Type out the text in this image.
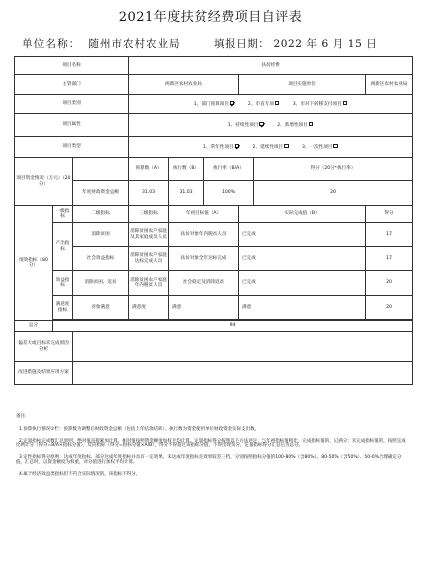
2021年度扶贫经费项目自评表
单位名称： 随州市农村农业局	填报日期： 2022 年 6 月 15 日
项目名称			扶贫经费					
主管部门			两新区农村农业局			项目实施单位		两新区农村农业局
项目类别			1、部门预算项目 2、市直专项 3、市对下转移支付项目					
项目属性			1、持续性项目 2、新增性项目					
项目类型			1、常年性项目 2、延续性项目 3、一次性项目					
项目资金情况（万元）（20分）			预算数（A）	执行数（B）	执行率（B/A）		得分（20分*执行率）	
		年度财政资金总额	31.03	31.03	100%		20	
绩效指标（80分）	一级指标	二级指标	三级指标	年初目标值（A）		实际完成值（B）		得分
	产出指标	消除贫困	消除贫困农户家庭及其家庭成员人员	扶贫对象年内脱贫人员		已完成		17
		社会效益指标	消除贫困农户家庭达标完成人员	扶贫对象全年达标完成		已完成		17
	效益指标	消除贫困、返贫	消除贫困农户家庭年内脱贫人员	社会稳定及消除返贫		已完成		20
	满意度指标	对象满意	满意度	满意		满意		20

总分	94							
偏差大或目标未完成原因分析								
改进措施及结果应用方案								
备注:

1.预算执行情况①栏：预算数为调整后财政资金总额（包括上年结余结转），执行数为资金使用单位财政资金实际支出数。

2.定量指标完成数汇总原则：绝对值直接累加计算，相对值按照资金额度加权平均计算。定量指标得分按照以下方法评定：与年初指标值相比，完成指标值的，记满分；未完成指标值的，按照完成比例计分（得分=B/A×指标分值），反向指标（得分=指标分值×A/B），得分不得超过该指标分值，不得出现负分，定量指标得分汇总后为总分。

3.定性指标得分原则：达成年度指标、部分达成年度指标并具有一定效果、未达成年度指标且效果较差三档，分别按照指标分值的100-80%（含80%）、80-50%（含50%）、50-0%合理确定分值。汇总时，以資金额度为权重，对分值进行加权平均计算。

4.属于经济效益类指标但不符合实际情况的，该指标不得分。
